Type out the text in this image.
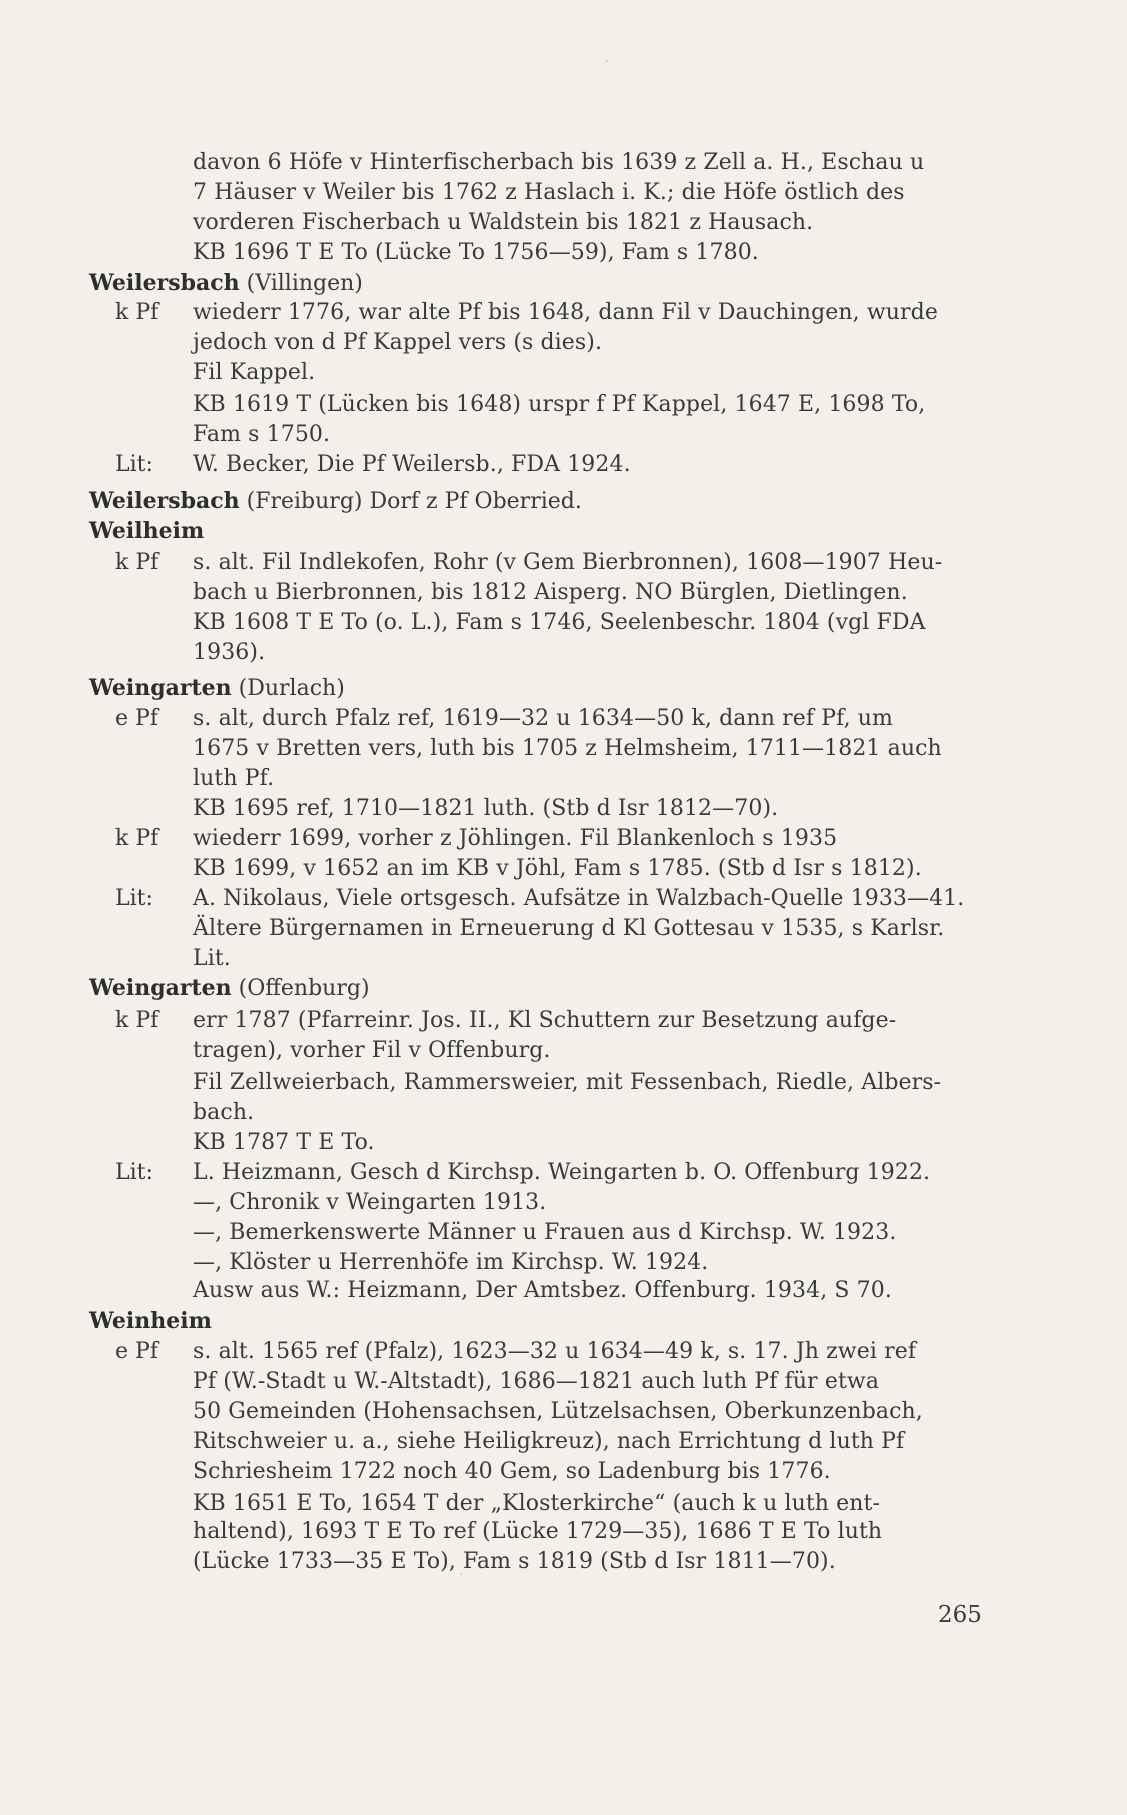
davon 6 Höfe v Hinterfischerbach bis 1639 z Zell a. H., Eschau u
7 Häuser v Weiler bis 1762 z Haslach i. K.; die Höfe östlich des
vorderen Fischerbach u Waldstein bis 1821 z Hausach.
KB 1696 T E To (Lücke To 1756—59), Fam s 1780.
wiederr 1776, war alte Pf bis 1648, dann Fil v Dauchingen, wurde
k Pf
jedoch von d Pf Kappel vers (s dies).
Fil Kappel.
KB 1619 T (Lücken bis 1648) urspr f Pf Kappel, 1647 E, 1698 To,
Fam s 1750.
W. Becker, Die Pf Weilersb., FDA 1924.
Lit:
s. alt. Fil Indlekofen, Rohr (v Gem Bierbronnen), 1608—1907 Heu-
k Pf
bach u Bierbronnen, bis 1812 Aisperg. NO Bürglen, Dietlingen.
KB 1608 T E To (o. L.), Fam s 1746, Seelenbeschr. 1804 (vgl FDA
1936).
s. alt, durch Pfalz ref, 1619—32 u 1634—50 k, dann ref Pf, um
e Pf
1675 v Bretten vers, luth bis 1705 z Helmsheim, 1711—1821 auch
luth Pf.
KB 1695 ref, 1710—1821 luth. (Stb d Isr 1812—70).
wiederr 1699, vorher z Jöhlingen. Fil Blankenloch s 1935
k Pf
KB 1699, v 1652 an im KB v Jöhl, Fam s 1785. (Stb d Isr s 1812).
A. Nikolaus, Viele ortsgesch. Aufsätze in Walzbach-Quelle 1933—41.
Lit:
Ältere Bürgernamen in Erneuerung d Kl Gottesau v 1535, s Karlsr.
Lit.
err 1787 (Pfarreinr. Jos. II., Kl Schuttern zur Besetzung aufge-
k Pf
tragen), vorher Fil v Offenburg.
Fil Zellweierbach, Rammersweier, mit Fessenbach, Riedle, Albers-
bach.
KB 1787 T E To.
L. Heizmann, Gesch d Kirchsp. Weingarten b. O. Offenburg 1922.
Lit:
—, Chronik v Weingarten 1913.
—, Bemerkenswerte Männer u Frauen aus d Kirchsp. W. 1923.
—, Klöster u Herrenhöfe im Kirchsp. W. 1924.
Ausw aus W.: Heizmann, Der Amtsbez. Offenburg. 1934, S 70.
s. alt. 1565 ref (Pfalz), 1623—32 u 1634—49 k, s. 17. Jh zwei ref
e Pf
Pf (W.-Stadt u W.-Altstadt), 1686—1821 auch luth Pf für etwa
50 Gemeinden (Hohensachsen, Lützelsachsen, Oberkunzenbach,
Ritschweier u. a., siehe Heiligkreuz), nach Errichtung d luth Pf
Schriesheim 1722 noch 40 Gem, so Ladenburg bis 1776.
KB 1651 E To, 1654 T der „Klosterkirche“ (auch k u luth ent-
haltend), 1693 T E To ref (Lücke 1729—35), 1686 T E To luth
(Lücke 1733—35 E To), Fam s 1819 (Stb d Isr 1811—70).
Weilersbach (Villingen)
Weilersbach (Freiburg) Dorf z Pf Oberried.
Weilheim
Weingarten (Durlach)
Weingarten (Offenburg)
Weinheim
265
